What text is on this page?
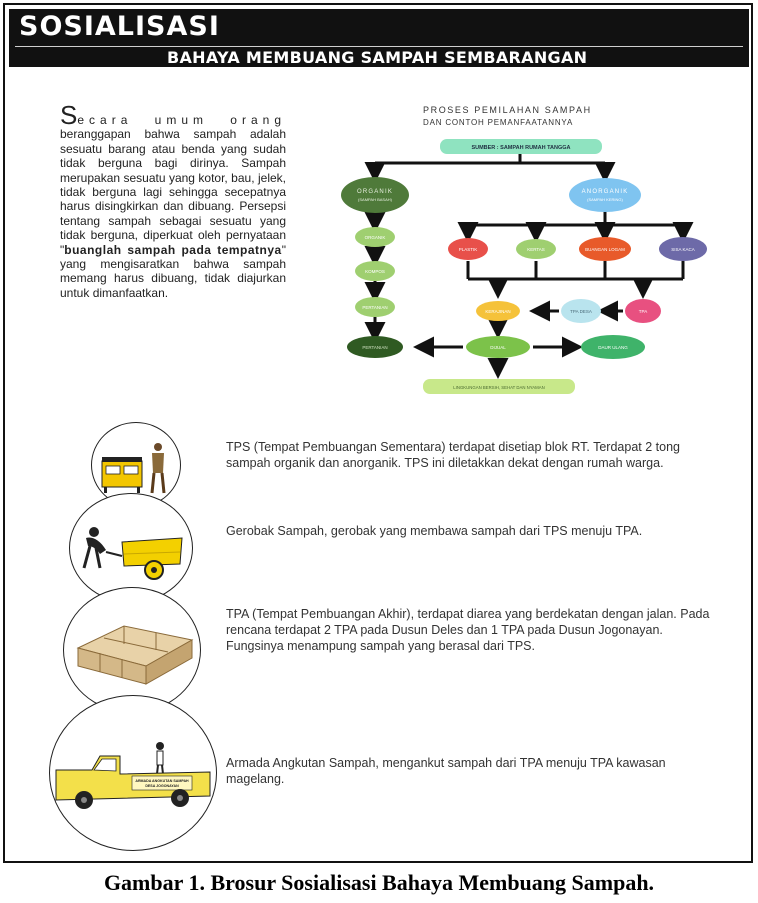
SOSIALISASI
BAHAYA MEMBUANG SAMPAH SEMBARANGAN
Secara umum orang beranggapan bahwa sampah adalah sesuatu barang atau benda yang sudah tidak berguna bagi dirinya. Sampah merupakan sesuatu yang kotor, bau, jelek, tidak berguna lagi sehingga secepatnya harus disingkirkan dan dibuang. Persepsi tentang sampah sebagai sesuatu yang tidak berguna, diperkuat oleh pernyataan "buanglah sampah pada tempatnya" yang mengisaratkan bahwa sampah memang harus dibuang, tidak diajurkan untuk dimanfaatkan.
PROSES PEMILAHAN SAMPAH
DAN CONTOH PEMANFAATANNYA
SUMBER : SAMPAH RUMAH TANGGA
ORGANIK
(SAMPAH BASAH)
ANORGANIK
(SAMPAH KERING)
ORGANIK
KOMPOS
PERTANIAN
PERTANIAN
PLASTIK	KERTAS	BUANGAN LOGAM	SISA KACA
KERAJINAN	TPA DESA	TPA
DIJUAL	DAUR ULANG
LINGKUNGAN BERSIH, SEHAT DAN NYAMAN
TPS (Tempat Pembuangan Sementara) terdapat disetiap blok RT. Terdapat 2 tong sampah organik dan anorganik. TPS ini diletakkan dekat dengan rumah warga.
Gerobak Sampah, gerobak yang membawa sampah dari TPS menuju TPA.
TPA (Tempat Pembuangan Akhir), terdapat diarea yang berdekatan dengan jalan. Pada rencana terdapat 2 TPA pada Dusun Deles dan 1 TPA pada Dusun Jogonayan. Fungsinya menampung sampah yang berasal dari TPS.
ARMADA ANGKUTAN SAMPAH
DESA JOGONAYAN
Armada Angkutan Sampah, mengankut sampah dari TPA menuju TPA kawasan magelang.
Gambar 1. Brosur Sosialisasi Bahaya Membuang Sampah.
